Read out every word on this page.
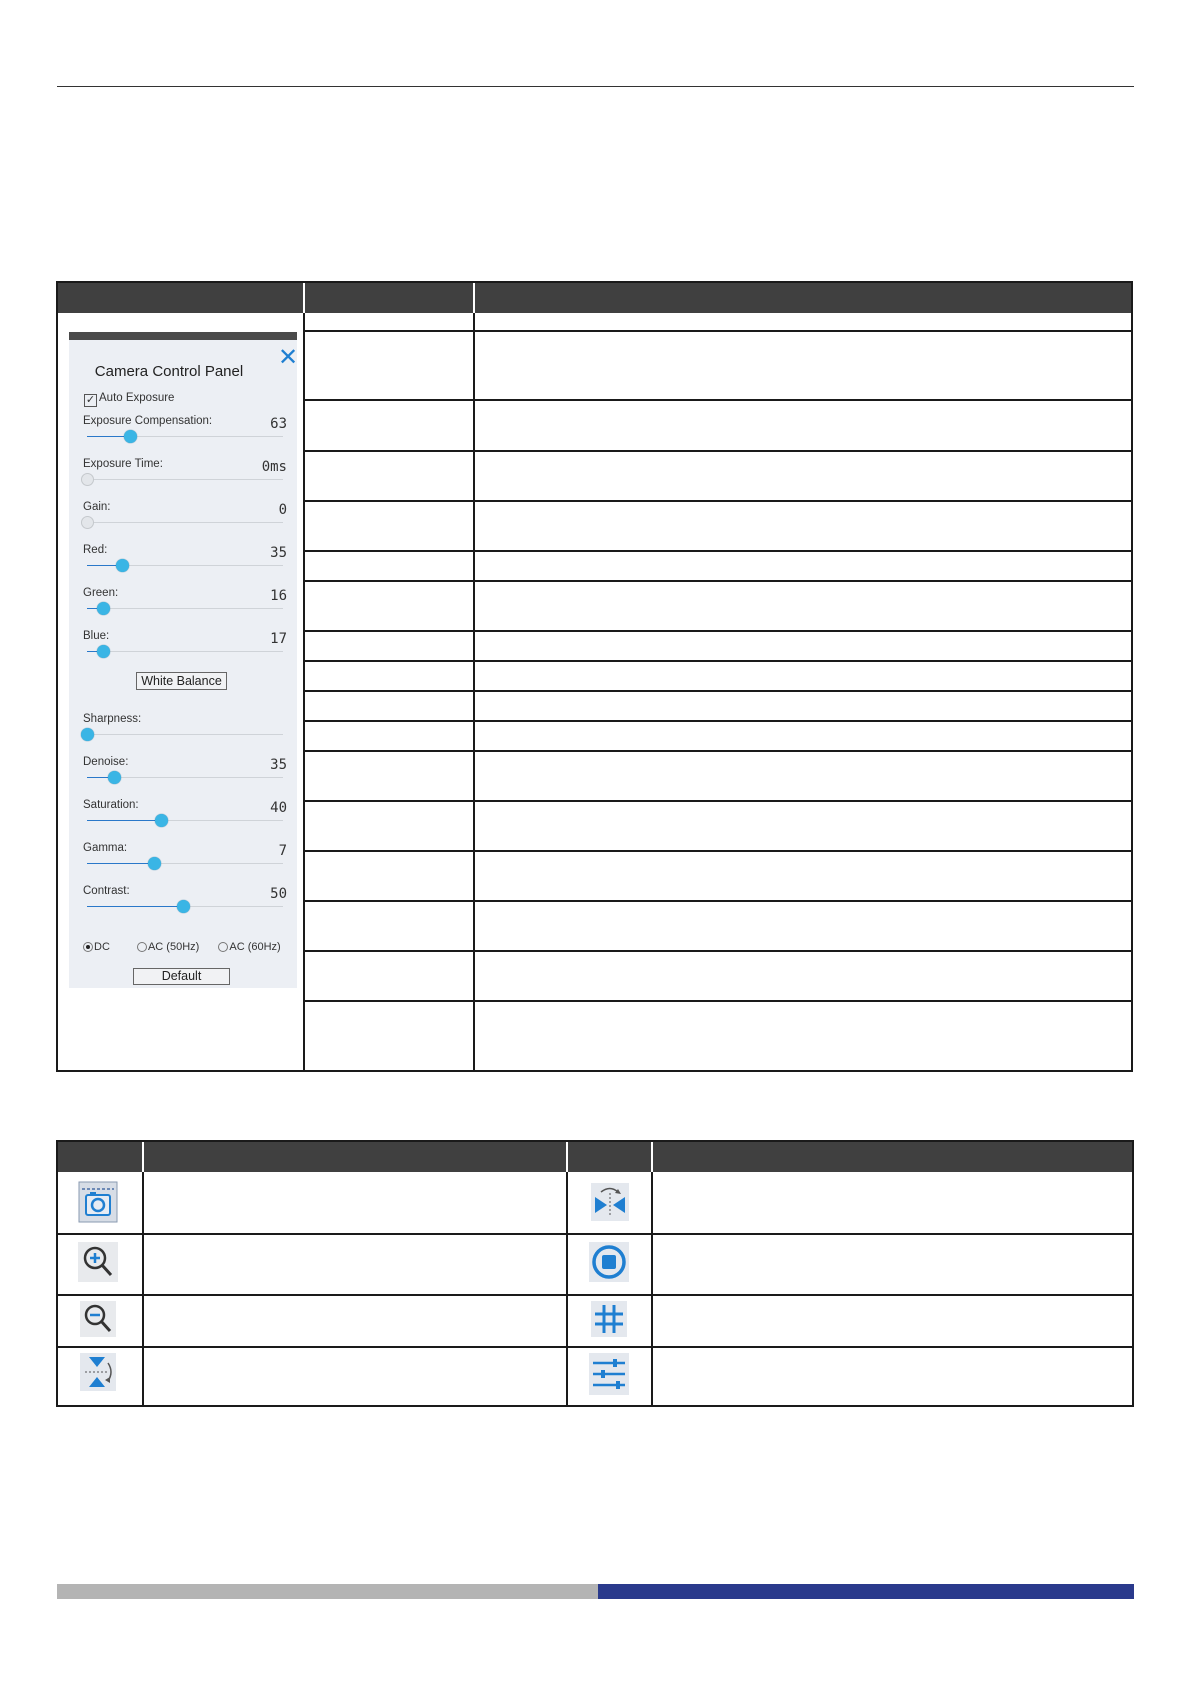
Camera Control Panel
✕
✓ Auto Exposure
Exposure Compensation:	63
Exposure Time:	0ms
Gain:	0
Red:	35
Green:	16
Blue:	17
Sharpness:
Denoise:	35
Saturation:	40
Gamma:	7
Contrast:	50
White Balance
DC	AC (50Hz)	AC (60Hz)
Default
